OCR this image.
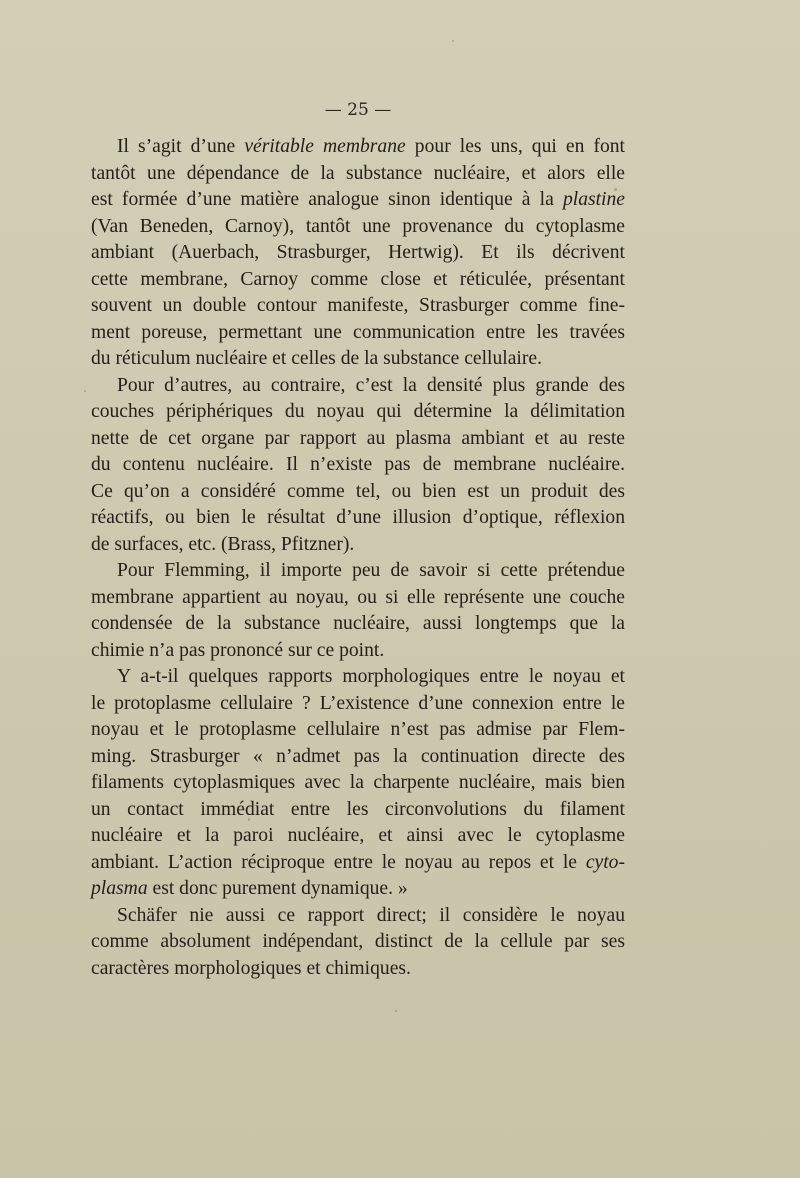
— 25 —
Il s’agit d’une véritable membrane pour les uns, qui en font
tantôt une dépendance de la substance nucléaire, et alors elle
est formée d’une matière analogue sinon identique à la plastine
(Van Beneden, Carnoy), tantôt une provenance du cytoplasme
ambiant (Auerbach, Strasburger, Hertwig). Et ils décrivent
cette membrane, Carnoy comme close et réticulée, présentant
souvent un double contour manifeste, Strasburger comme fine-
ment poreuse, permettant une communication entre les travées
du réticulum nucléaire et celles de la substance cellulaire.
Pour d’autres, au contraire, c’est la densité plus grande des
couches périphériques du noyau qui détermine la délimitation
nette de cet organe par rapport au plasma ambiant et au reste
du contenu nucléaire. Il n’existe pas de membrane nucléaire.
Ce qu’on a considéré comme tel, ou bien est un produit des
réactifs, ou bien le résultat d’une illusion d’optique, réflexion
de surfaces, etc. (Brass, Pfitzner).
Pour Flemming, il importe peu de savoir si cette prétendue
membrane appartient au noyau, ou si elle représente une couche
condensée de la substance nucléaire, aussi longtemps que la
chimie n’a pas prononcé sur ce point.
Y a-t-il quelques rapports morphologiques entre le noyau et
le protoplasme cellulaire ? L’existence d’une connexion entre le
noyau et le protoplasme cellulaire n’est pas admise par Flem-
ming. Strasburger « n’admet pas la continuation directe des
filaments cytoplasmiques avec la charpente nucléaire, mais bien
un contact immédiat entre les circonvolutions du filament
nucléaire et la paroi nucléaire, et ainsi avec le cytoplasme
ambiant. L’action réciproque entre le noyau au repos et le cyto-
plasma est donc purement dynamique. »
Schäfer nie aussi ce rapport direct; il considère le noyau
comme absolument indépendant, distinct de la cellule par ses
caractères morphologiques et chimiques.
